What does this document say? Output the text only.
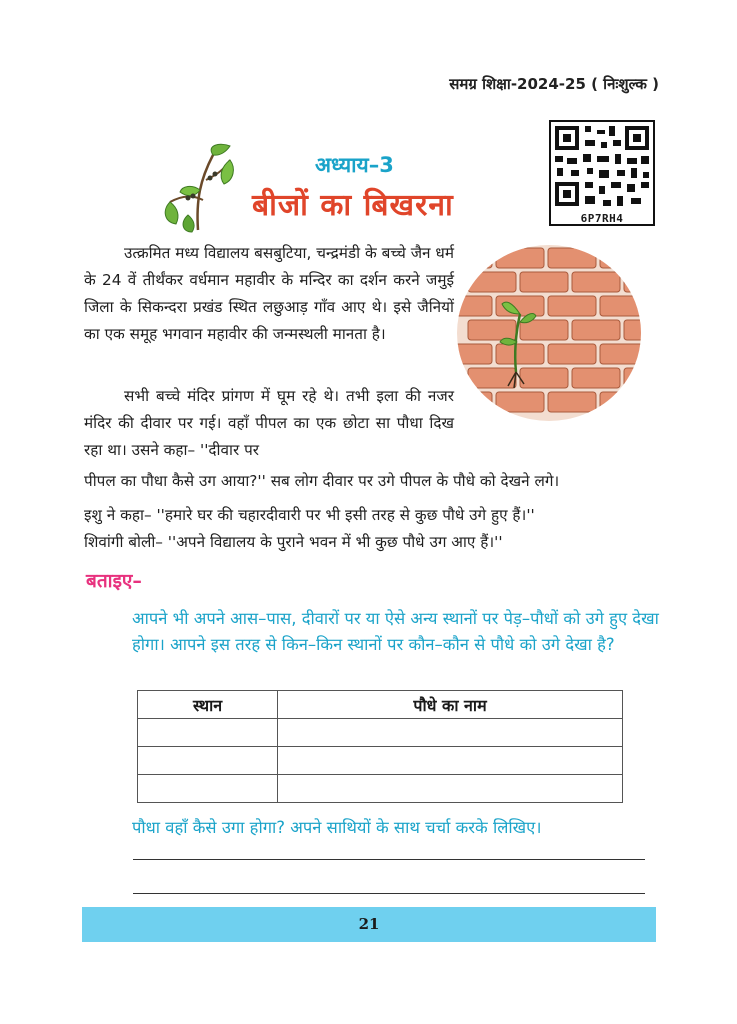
समग्र शिक्षा-2024-25 ( निःशुल्क )
अध्याय–3
बीजों का बिखरना	6P7RH4
उत्क्रमित मध्य विद्यालय बसबुटिया, चन्द्रमंडी के बच्चे जैन धर्म के 24 वें तीर्थंकर वर्धमान महावीर के मन्दिर का दर्शन करने जमुई जिला के सिकन्दरा प्रखंड स्थित लछुआड़ गाँव आए थे। इसे जैनियों का एक समूह भगवान महावीर की जन्मस्थली मानता है।
सभी बच्चे मंदिर प्रांगण में घूम रहे थे। तभी इला की नजर मंदिर की दीवार पर गई। वहाँ पीपल का एक छोटा सा पौधा दिख रहा था। उसने कहा– ''दीवार पर
पीपल का पौधा कैसे उग आया?'' सब लोग दीवार पर उगे पीपल के पौधे को देखने लगे।
इशु ने कहा– ''हमारे घर की चहारदीवारी पर भी इसी तरह से कुछ पौधे उगे हुए हैं।''
शिवांगी बोली– ''अपने विद्यालय के पुराने भवन में भी कुछ पौधे उग आए हैं।''
बताइए–
आपने भी अपने आस–पास, दीवारों पर या ऐसे अन्य स्थानों पर पेड़–पौधों को उगे हुए देखा होगा। आपने इस तरह से किन–किन स्थानों पर कौन–कौन से पौधे को उगे देखा है?
स्थान	पौधे का नाम

पौधा वहाँ कैसे उगा होगा? अपने साथियों के साथ चर्चा करके लिखिए।
21
